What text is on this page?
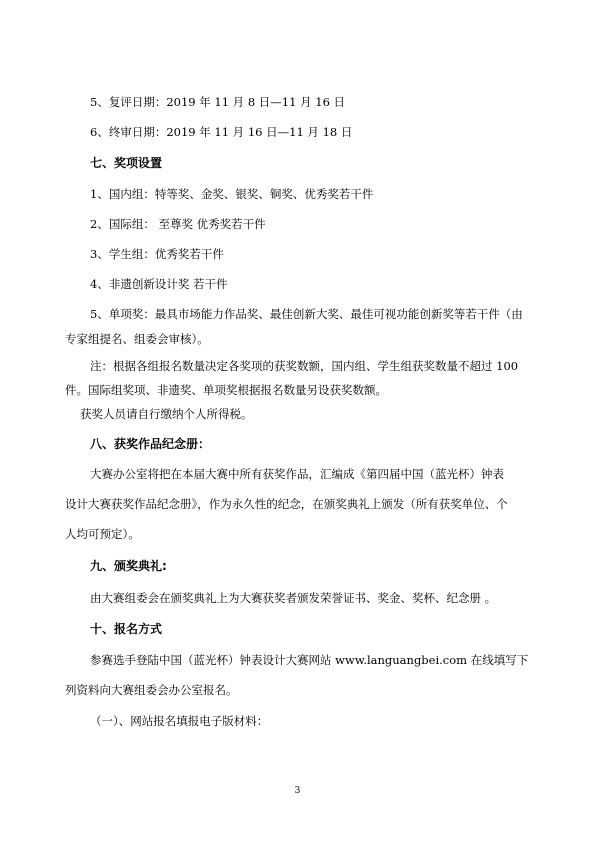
5、复评日期：2019 年 11 月 8 日—11 月 16 日
6、终审日期：2019 年 11 月 16 日—11 月 18 日
七、奖项设置
1、国内组：特等奖、金奖、银奖、铜奖、优秀奖若干件
2、国际组： 至尊奖 优秀奖若干件
3、学生组：优秀奖若干件
4、非遗创新设计奖 若干件
5、单项奖：最具市场能力作品奖、最佳创新大奖、最佳可视功能创新奖等若干件（由
专家组提名、组委会审核）。
注：根据各组报名数量决定各奖项的获奖数额，国内组、学生组获奖数量不超过 100
件。国际组奖项、非遗奖、单项奖根据报名数量另设获奖数额。
获奖人员请自行缴纳个人所得税。
八、获奖作品纪念册：
大赛办公室将把在本届大赛中所有获奖作品，汇编成《第四届中国（蓝光杯）钟表
设计大赛获奖作品纪念册》，作为永久性的纪念，在颁奖典礼上颁发（所有获奖单位、个
人均可预定）。
九、颁奖典礼:
由大赛组委会在颁奖典礼上为大赛获奖者颁发荣誉证书、奖金、奖杯、纪念册 。
十、报名方式
参赛选手登陆中国（蓝光杯）钟表设计大赛网站 www.languangbei.com 在线填写下
列资料向大赛组委会办公室报名。
（一）、网站报名填报电子版材料：
3
